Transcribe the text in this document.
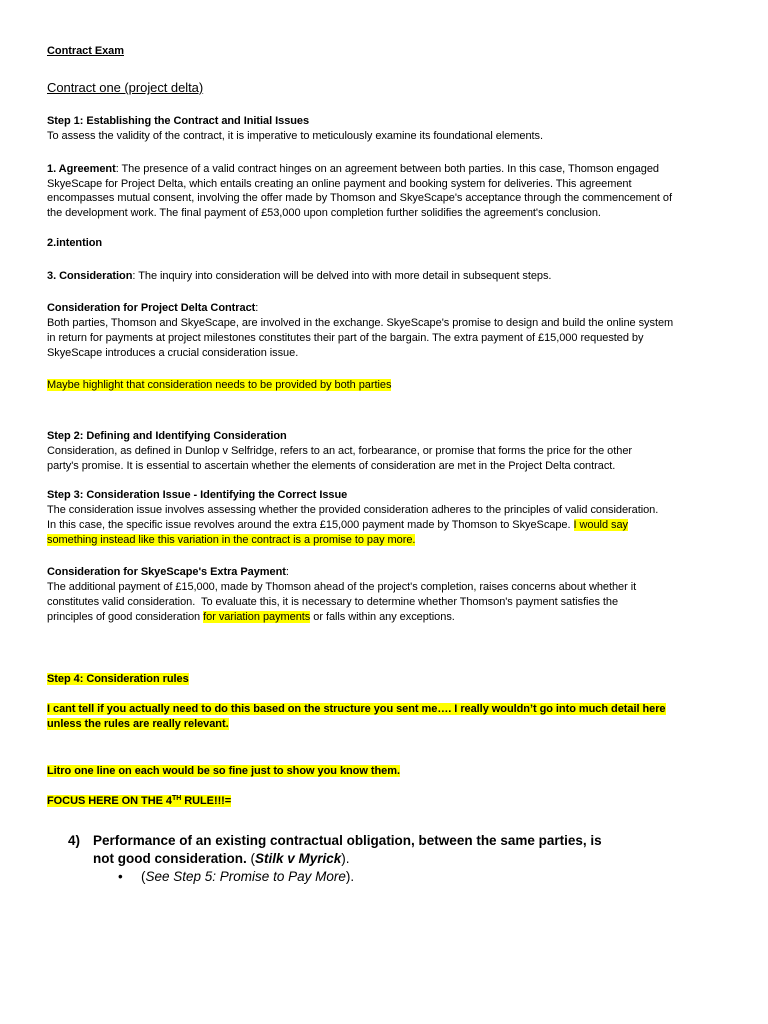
Contract Exam
Contract one (project delta)
Step 1: Establishing the Contract and Initial Issues
To assess the validity of the contract, it is imperative to meticulously examine its foundational elements.
1. Agreement: The presence of a valid contract hinges on an agreement between both parties. In this case, Thomson engaged
SkyeScape for Project Delta, which entails creating an online payment and booking system for deliveries. This agreement
encompasses mutual consent, involving the offer made by Thomson and SkyeScape's acceptance through the commencement of
the development work. The final payment of £53,000 upon completion further solidifies the agreement's conclusion.
2.intention
3. Consideration: The inquiry into consideration will be delved into with more detail in subsequent steps.
Consideration for Project Delta Contract:
Both parties, Thomson and SkyeScape, are involved in the exchange. SkyeScape's promise to design and build the online system
in return for payments at project milestones constitutes their part of the bargain. The extra payment of £15,000 requested by
SkyeScape introduces a crucial consideration issue.
Maybe highlight that consideration needs to be provided by both parties
Step 2: Defining and Identifying Consideration
Consideration, as defined in Dunlop v Selfridge, refers to an act, forbearance, or promise that forms the price for the other
party's promise. It is essential to ascertain whether the elements of consideration are met in the Project Delta contract.
Step 3: Consideration Issue - Identifying the Correct Issue
The consideration issue involves assessing whether the provided consideration adheres to the principles of valid consideration.
In this case, the specific issue revolves around the extra £15,000 payment made by Thomson to SkyeScape. I would say
something instead like this variation in the contract is a promise to pay more.
Consideration for SkyeScape's Extra Payment:
The additional payment of £15,000, made by Thomson ahead of the project's completion, raises concerns about whether it
constitutes valid consideration.  To evaluate this, it is necessary to determine whether Thomson's payment satisfies the
principles of good consideration for variation payments or falls within any exceptions.
Step 4: Consideration rules
I cant tell if you actually need to do this based on the structure you sent me…. I really wouldn’t go into much detail here
unless the rules are really relevant.
Litro one line on each would be so fine just to show you know them.
FOCUS HERE ON THE 4TH RULE!!!=
4) Performance of an existing contractual obligation, between the same parties, is
not good consideration. (Stilk v Myrick).
• (See Step 5: Promise to Pay More).
